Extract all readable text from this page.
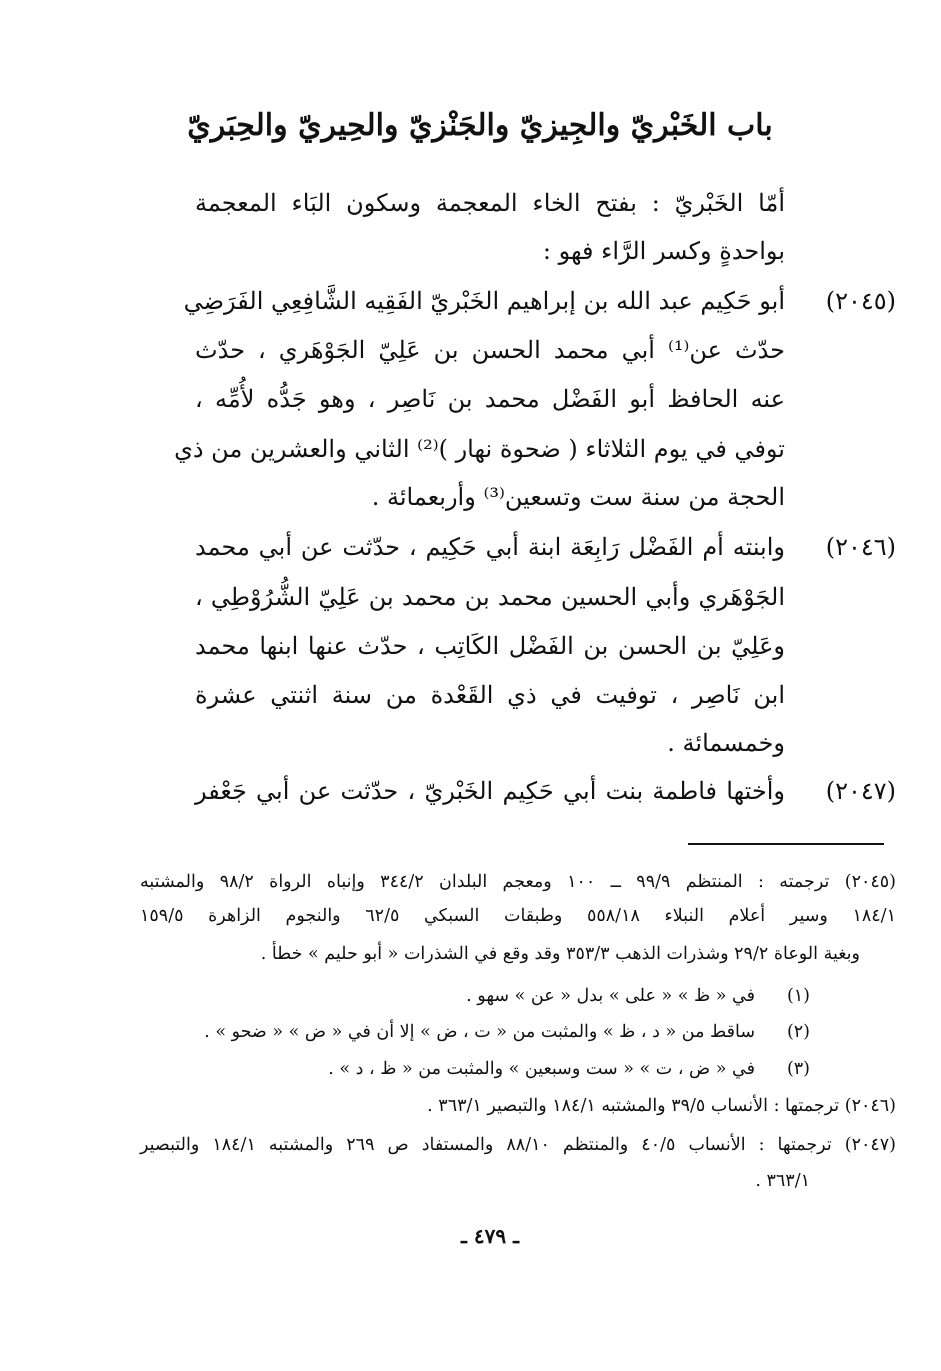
باب الخَبْريّ والجِيزيّ والجَنْزيّ والحِيريّ والحِبَريّ
أمّا الخَبْريّ : بفتح الخاء المعجمة وسكون البَاء المعجمة
بواحدةٍ وكسر الرَّاء فهو :
(٢٠٤٥)
أبو حَكِيم عبد الله بن إبراهيم الخَبْريّ الفَقِيه الشَّافِعِي الفَرَضِي
حدّث عن⁽¹⁾ أبي محمد الحسن بن عَلِيّ الجَوْهَري ، حدّث
عنه الحافظ أبو الفَضْل محمد بن نَاصِر ، وهو جَدُّه لأُمِّه ،
توفي في يوم الثلاثاء ( ضحوة نهار )⁽²⁾ الثاني والعشرين من ذي
الحجة من سنة ست وتسعين⁽³⁾ وأربعمائة .
(٢٠٤٦)
وابنته أم الفَضْل رَابِعَة ابنة أبي حَكِيم ، حدّثت عن أبي محمد
الجَوْهَري وأبي الحسين محمد بن محمد بن عَلِيّ الشُّرُوْطِي ،
وعَلِيّ بن الحسن بن الفَضْل الكَاتِب ، حدّث عنها ابنها محمد
ابن نَاصِر ، توفيت في ذي القَعْدة من سنة اثنتي عشرة
وخمسمائة .
(٢٠٤٧)
وأختها فاطمة بنت أبي حَكِيم الخَبْريّ ، حدّثت عن أبي جَعْفر
(٢٠٤٥) ترجمته : المنتظم ٩٩/٩ ــ ١٠٠ ومعجم البلدان ٣٤٤/٢ وإنباه الرواة ٩٨/٢ والمشتبه
١٨٤/١ وسير أعلام النبلاء ٥٥٨/١٨ وطبقات السبكي ٦٢/٥ والنجوم الزاهرة ١٥٩/٥
وبغية الوعاة ٢٩/٢ وشذرات الذهب ٣٥٣/٣ وقد وقع في الشذرات « أبو حليم » خطأ .
(١)
في « ظ » « على » بدل « عن » سهو .
(٢)
ساقط من « د ، ظ » والمثبت من « ت ، ض » إلا أن في « ض » « ضحو » .
(٣)
في « ض ، ت » « ست وسبعين » والمثبت من « ظ ، د » .
(٢٠٤٦) ترجمتها : الأنساب ٣٩/٥ والمشتبه ١٨٤/١ والتبصير ٣٦٣/١ .
(٢٠٤٧) ترجمتها : الأنساب ٤٠/٥ والمنتظم ٨٨/١٠ والمستفاد ص ٢٦٩ والمشتبه ١٨٤/١ والتبصير
٣٦٣/١ .
ـ ٤٧٩ ـ
